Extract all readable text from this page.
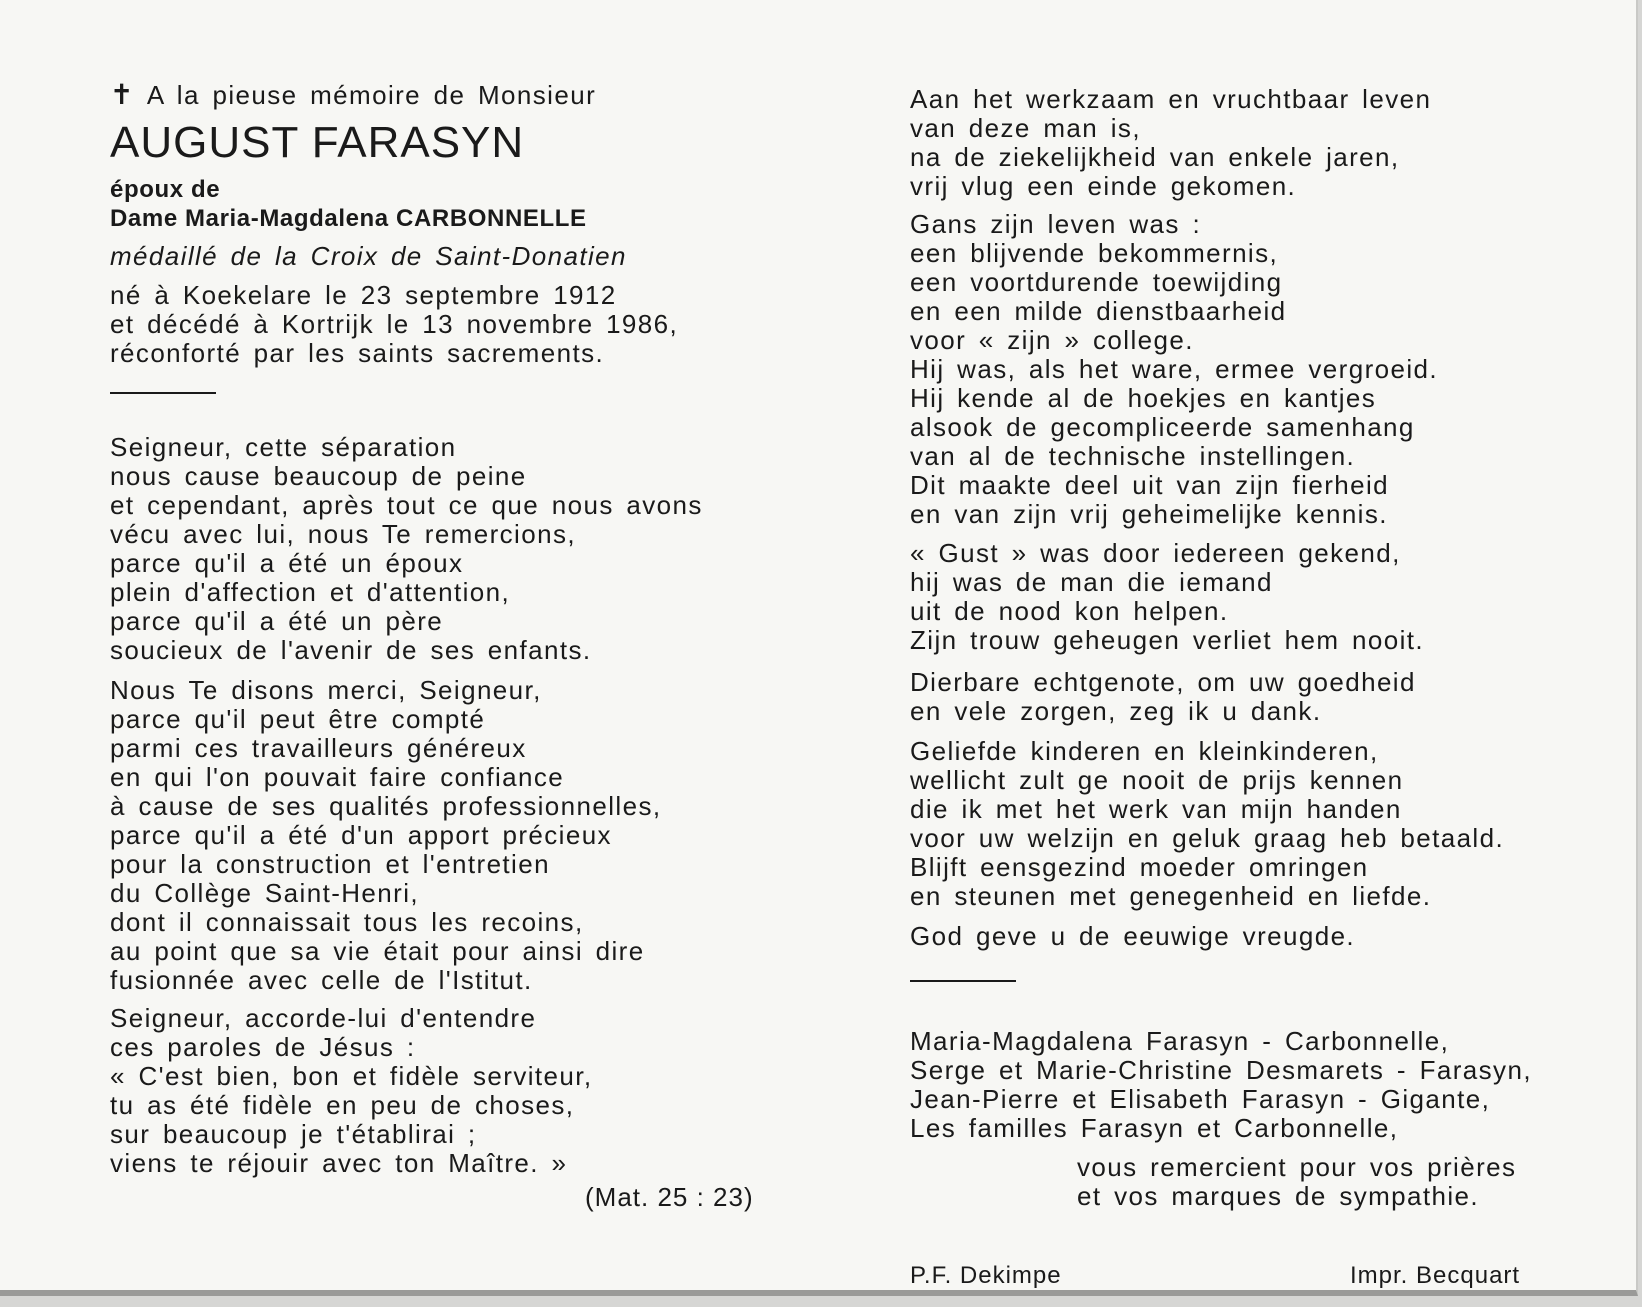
✝ A la pieuse mémoire de Monsieur
AUGUST FARASYN
époux de
Dame Maria-Magdalena CARBONNELLE
médaillé de la Croix de Saint-Donatien
né à Koekelare le 23 septembre 1912
et décédé à Kortrijk le 13 novembre 1986,
réconforté par les saints sacrements.
Seigneur, cette séparation
nous cause beaucoup de peine
et cependant, après tout ce que nous avons
vécu avec lui, nous Te remercions,
parce qu'il a été un époux
plein d'affection et d'attention,
parce qu'il a été un père
soucieux de l'avenir de ses enfants.
Nous Te disons merci, Seigneur,
parce qu'il peut être compté
parmi ces travailleurs généreux
en qui l'on pouvait faire confiance
à cause de ses qualités professionnelles,
parce qu'il a été d'un apport précieux
pour la construction et l'entretien
du Collège Saint-Henri,
dont il connaissait tous les recoins,
au point que sa vie était pour ainsi dire
fusionnée avec celle de l'Istitut.
Seigneur, accorde-lui d'entendre
ces paroles de Jésus :
« C'est bien, bon et fidèle serviteur,
tu as été fidèle en peu de choses,
sur beaucoup je t'établirai ;
viens te réjouir avec ton Maître. »
(Mat. 25 : 23)
Aan het werkzaam en vruchtbaar leven
van deze man is,
na de ziekelijkheid van enkele jaren,
vrij vlug een einde gekomen.
Gans zijn leven was :
een blijvende bekommernis,
een voortdurende toewijding
en een milde dienstbaarheid
voor « zijn » college.
Hij was, als het ware, ermee vergroeid.
Hij kende al de hoekjes en kantjes
alsook de gecompliceerde samenhang
van al de technische instellingen.
Dit maakte deel uit van zijn fierheid
en van zijn vrij geheimelijke kennis.
« Gust » was door iedereen gekend,
hij was de man die iemand
uit de nood kon helpen.
Zijn trouw geheugen verliet hem nooit.
Dierbare echtgenote, om uw goedheid
en vele zorgen, zeg ik u dank.
Geliefde kinderen en kleinkinderen,
wellicht zult ge nooit de prijs kennen
die ik met het werk van mijn handen
voor uw welzijn en geluk graag heb betaald.
Blijft eensgezind moeder omringen
en steunen met genegenheid en liefde.
God geve u de eeuwige vreugde.
Maria-Magdalena Farasyn - Carbonnelle,
Serge et Marie-Christine Desmarets - Farasyn,
Jean-Pierre et Elisabeth Farasyn - Gigante,
Les familles Farasyn et Carbonnelle,
vous remercient pour vos prières
et vos marques de sympathie.
P.F. Dekimpe	Impr. Becquart
